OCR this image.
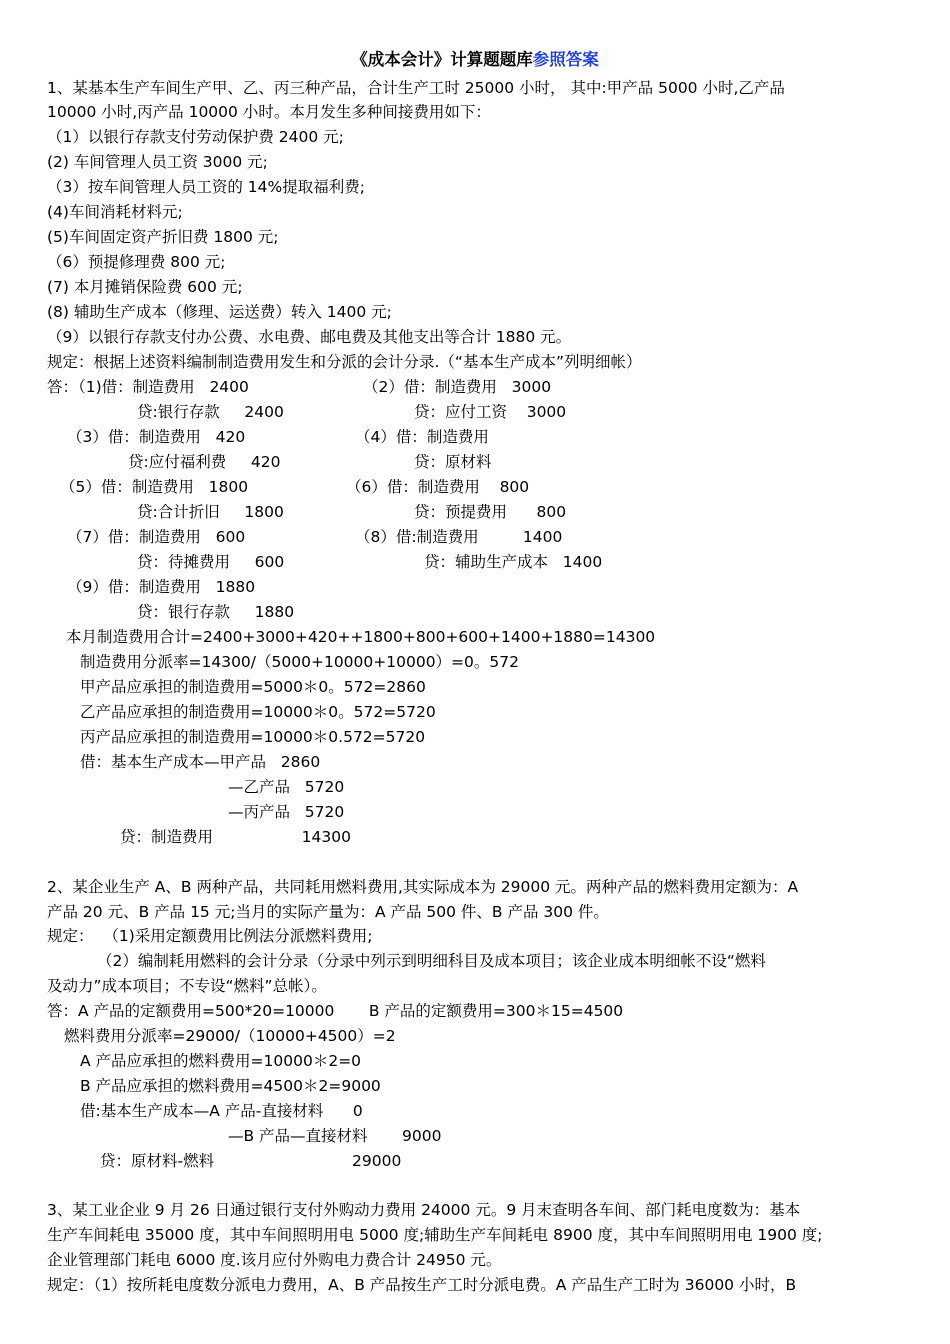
《成本会计》计算题题库参照答案
1、某基本生产车间生产甲、乙、丙三种产品，合计生产工时 25000 小时， 其中:甲产品 5000 小时,乙产品
10000 小时,丙产品 10000 小时。本月发生多种间接费用如下：
（1）以银行存款支付劳动保护费 2400 元;
(2) 车间管理人员工资 3000 元;
（3）按车间管理人员工资的 14%提取福利费;
(4)车间消耗材料元;
(5)车间固定资产折旧费 1800 元;
（6）预提修理费 800 元;
(7) 本月摊销保险费 600 元;
(8) 辅助生产成本（修理、运送费）转入 1400 元;
（9）以银行存款支付办公费、水电费、邮电费及其他支出等合计 1880 元。
规定：根据上述资料编制制造费用发生和分派的会计分录.（“基本生产成本”列明细帐）
答：（1)借：制造费用   2400	（2）借：制造费用   3000
贷:银行存款     2400	贷：应付工资    3000
（3）借：制造费用   420	（4）借：制造费用
贷:应付福利费     420	贷：原材料
（5）借：制造费用   1800	（6）借：制造费用    800
贷:合计折旧     1800	贷：预提费用      800
（7）借：制造费用   600	（8）借:制造费用         1400
贷：待摊费用     600	贷：辅助生产成本   1400
（9）借：制造费用   1880
贷：银行存款     1880
本月制造费用合计=2400+3000+420++1800+800+600+1400+1880=14300
制造费用分派率=14300/（5000+10000+10000）=0。572
甲产品应承担的制造费用=5000＊0。572=2860
乙产品应承担的制造费用=10000＊0。572=5720
丙产品应承担的制造费用=10000＊0.572=5720
借：基本生产成本—甲产品   2860
—乙产品   5720
—丙产品   5720
贷：制造费用                  14300
2、某企业生产 A、B 两种产品，共同耗用燃料费用,其实际成本为 29000 元。两种产品的燃料费用定额为：A
产品 20 元、B 产品 15 元;当月的实际产量为：A 产品 500 件、B 产品 300 件。
规定：  （1)采用定额费用比例法分派燃料费用;
（2）编制耗用燃料的会计分录（分录中列示到明细科目及成本项目；该企业成本明细帐不设“燃料
及动力”成本项目；不专设“燃料”总帐）。
答：A 产品的定额费用=500*20=10000       B 产品的定额费用=300＊15=4500
燃料费用分派率=29000/（10000+4500）=2
A 产品应承担的燃料费用=10000＊2=0
B 产品应承担的燃料费用=4500＊2=9000
借:基本生产成本—A 产品-直接材料      0
—B 产品—直接材料       9000
贷：原材料-燃料                            29000
3、某工业企业 9 月 26 日通过银行支付外购动力费用 24000 元。9 月末查明各车间、部门耗电度数为：基本
生产车间耗电 35000 度，其中车间照明用电 5000 度;辅助生产车间耗电 8900 度，其中车间照明用电 1900 度;
企业管理部门耗电 6000 度.该月应付外购电力费合计 24950 元。
规定：（1）按所耗电度数分派电力费用，A、B 产品按生产工时分派电费。A 产品生产工时为 36000 小时，B
